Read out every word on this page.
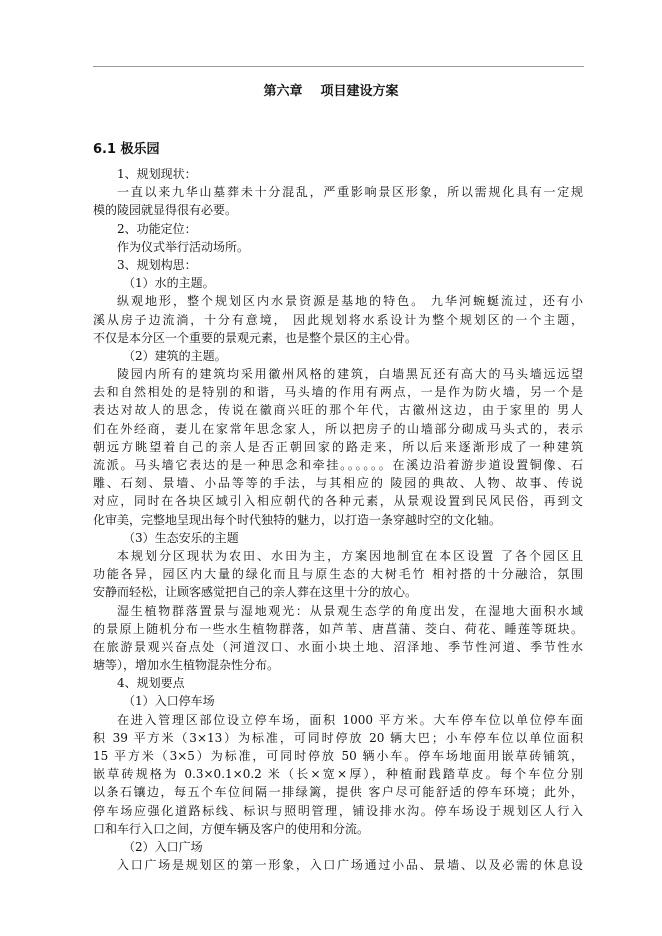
第六章    项目建设方案
6.1 极乐园
1、规划现状：
一直以来九华山墓葬未十分混乱，严重影响景区形象，所以需规化具有一定规
模的陵园就显得很有必要。
2、功能定位：
作为仪式举行活动场所。
3、规划构思：
（1）水的主题。
纵观地形，整个规划区内水景资源是基地的特色。 九华河蜿蜒流过，还有小
溪从房子边流淌，十分有意境， 因此规划将水系设计为整个规划区的一个主题，
不仅是本分区一个重要的景观元素，也是整个景区的主心骨。
（2）建筑的主题。
陵园内所有的建筑均采用徽州风格的建筑，白墙黑瓦还有高大的马头墙远远望
去和自然相处的是特别的和谐，马头墙的作用有两点，一是作为防火墙，另一个是
表达对故人的思念，传说在徽商兴旺的那个年代，古徽州这边，由于家里的 男人
们在外经商，妻儿在家常年思念家人，所以把房子的山墙部分砌成马头式的，表示
朝远方眺望着自己的亲人是否正朝回家的路走来，所以后来逐渐形成了一种建筑
流派。马头墙它表达的是一种思念和牵挂。。。。。。在溪边沿着游步道设置铜像、石
雕、石刻、景墙、小品等等的手法，与其相应的 陵园的典故、人物、故事、传说
对应，同时在各块区域引入相应朝代的各种元素，从景观设置到民风民俗，再到文
化审美，完整地呈现出每个时代独特的魅力，以打造一条穿越时空的文化轴。
（3）生态安乐的主题
本规划分区现状为农田、水田为主，方案因地制宜在本区设置 了各个园区且
功能各异，园区内大量的绿化而且与原生态的大树毛竹 相衬搭的十分融洽，氛围
安静而轻松，让顾客感觉把自己的亲人葬在这里十分的放心。
湿生植物群落置景与湿地观光：从景观生态学的角度出发，在湿地大面积水域
的景原上随机分布一些水生植物群落，如芦苇、唐菖蒲、茭白、荷花、睡莲等斑块。
在旅游景观兴奋点处（河道汊口、水面小块土地、沼泽地、季节性河道、季节性水
塘等），增加水生植物混杂性分布。
4、规划要点
（1）入口停车场
在进入管理区部位设立停车场，面积 1000 平方米。大车停车位以单位停车面
积 39 平方米（3×13）为标准，可同时停放 20 辆大巴；小车停车位以单位面积
15 平方米（3×5）为标准，可同时停放 50 辆小车。停车场地面用嵌草砖铺筑，
嵌草砖规格为 0.3×0.1×0.2 米（长×宽×厚），种植耐践踏草皮。每个车位分别
以条石镶边，每五个车位间隔一排绿篱，提供 客户尽可能舒适的停车环境；此外，
停车场应强化道路标线、标识与照明管理，铺设排水沟。停车场设于规划区人行入
口和车行入口之间，方便车辆及客户的使用和分流。
（2）入口广场
入口广场是规划区的第一形象，入口广场通过小品、景墙、以及必需的休息设
